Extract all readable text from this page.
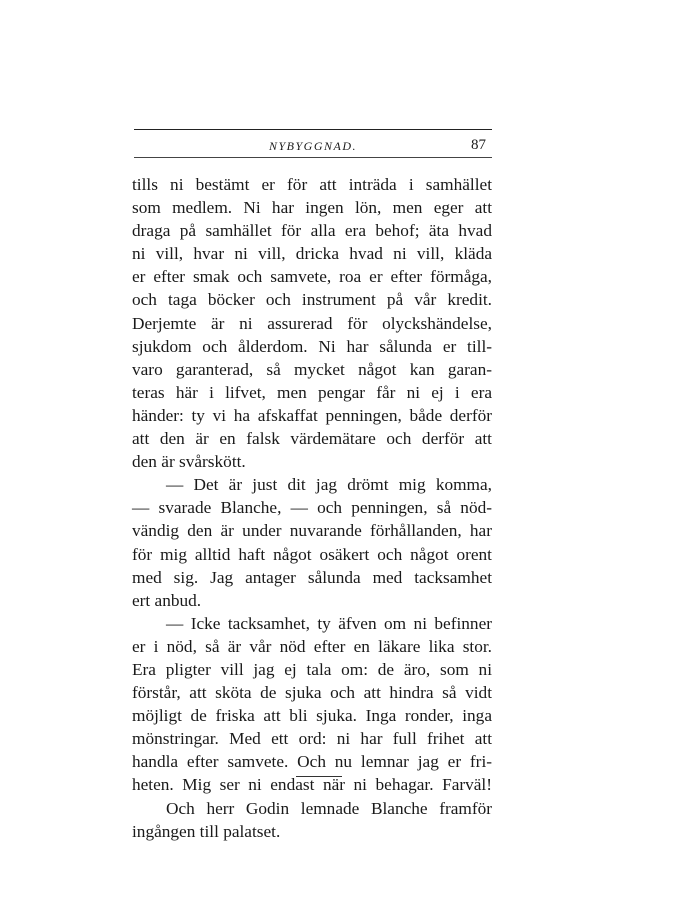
NYBYGGNAD.	87
tills ni bestämt er för att inträda i samhället
som medlem. Ni har ingen lön, men eger att
draga på samhället för alla era behof; äta hvad
ni vill, hvar ni vill, dricka hvad ni vill, kläda
er efter smak och samvete, roa er efter förmåga,
och taga böcker och instrument på vår kredit.
Derjemte är ni assurerad för olyckshändelse,
sjukdom och ålderdom. Ni har sålunda er till-
varo garanterad, så mycket något kan garan-
teras här i lifvet, men pengar får ni ej i era
händer: ty vi ha afskaffat penningen, både derför
att den är en falsk värdemätare och derför att
den är svårskött.
— Det är just dit jag drömt mig komma,
— svarade Blanche, — och penningen, så nöd-
vändig den är under nuvarande förhållanden, har
för mig alltid haft något osäkert och något orent
med sig. Jag antager sålunda med tacksamhet
ert anbud.
— Icke tacksamhet, ty äfven om ni befinner
er i nöd, så är vår nöd efter en läkare lika stor.
Era pligter vill jag ej tala om: de äro, som ni
förstår, att sköta de sjuka och att hindra så vidt
möjligt de friska att bli sjuka. Inga ronder, inga
mönstringar. Med ett ord: ni har full frihet att
handla efter samvete. Och nu lemnar jag er fri-
heten. Mig ser ni endast när ni behagar. Farväl!
Och herr Godin lemnade Blanche framför
ingången till palatset.
